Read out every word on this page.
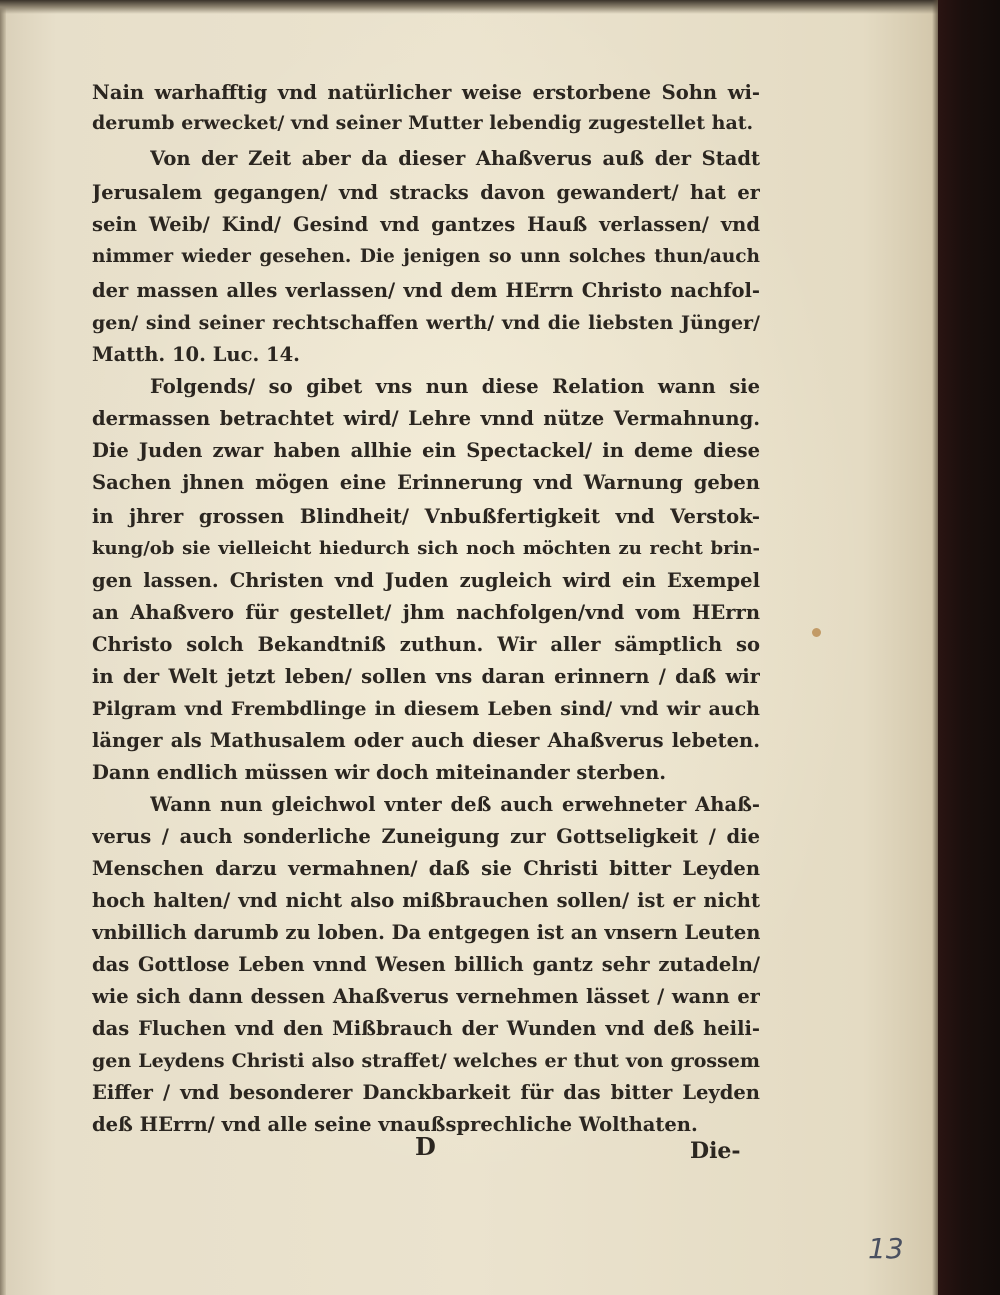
Nain warhafftig vnd natürlicher weise erstorbene Sohn wi-
derumb erwecket/ vnd seiner Mutter lebendig zugestellet hat.
Von der Zeit aber da dieser Ahaßverus auß der Stadt
Jerusalem gegangen/ vnd stracks davon gewandert/ hat er
sein Weib/ Kind/ Gesind vnd gantzes Hauß verlassen/ vnd
nimmer wieder gesehen. Die jenigen so unn solches thun/auch
der massen alles verlassen/ vnd dem HErrn Christo nachfol-
gen/ sind seiner rechtschaffen werth/ vnd die liebsten Jünger/
Matth. 10. Luc. 14.
Folgends/ so gibet vns nun diese Relation wann sie
dermassen betrachtet wird/ Lehre vnnd nütze Vermahnung.
Die Juden zwar haben allhie ein Spectackel/ in deme diese
Sachen jhnen mögen eine Erinnerung vnd Warnung geben
in jhrer grossen Blindheit/ Vnbußfertigkeit vnd Verstok-
kung/ob sie vielleicht hiedurch sich noch möchten zu recht brin-
gen lassen. Christen vnd Juden zugleich wird ein Exempel
an Ahaßvero für gestellet/ jhm nachfolgen/vnd vom HErrn
Christo solch Bekandtniß zuthun. Wir aller sämptlich so
in der Welt jetzt leben/ sollen vns daran erinnern / daß wir
Pilgram vnd Frembdlinge in diesem Leben sind/ vnd wir auch
länger als Mathusalem oder auch dieser Ahaßverus lebeten.
Dann endlich müssen wir doch miteinander sterben.
Wann nun gleichwol vnter deß auch erwehneter Ahaß-
verus / auch sonderliche Zuneigung zur Gottseligkeit / die
Menschen darzu vermahnen/ daß sie Christi bitter Leyden
hoch halten/ vnd nicht also mißbrauchen sollen/ ist er nicht
vnbillich darumb zu loben. Da entgegen ist an vnsern Leuten
das Gottlose Leben vnnd Wesen billich gantz sehr zutadeln/
wie sich dann dessen Ahaßverus vernehmen lässet / wann er
das Fluchen vnd den Mißbrauch der Wunden vnd deß heili-
gen Leydens Christi also straffet/ welches er thut von grossem
Eiffer / vnd besonderer Danckbarkeit für das bitter Leyden
deß HErrn/ vnd alle seine vnaußsprechliche Wolthaten.
D	Die-
13
